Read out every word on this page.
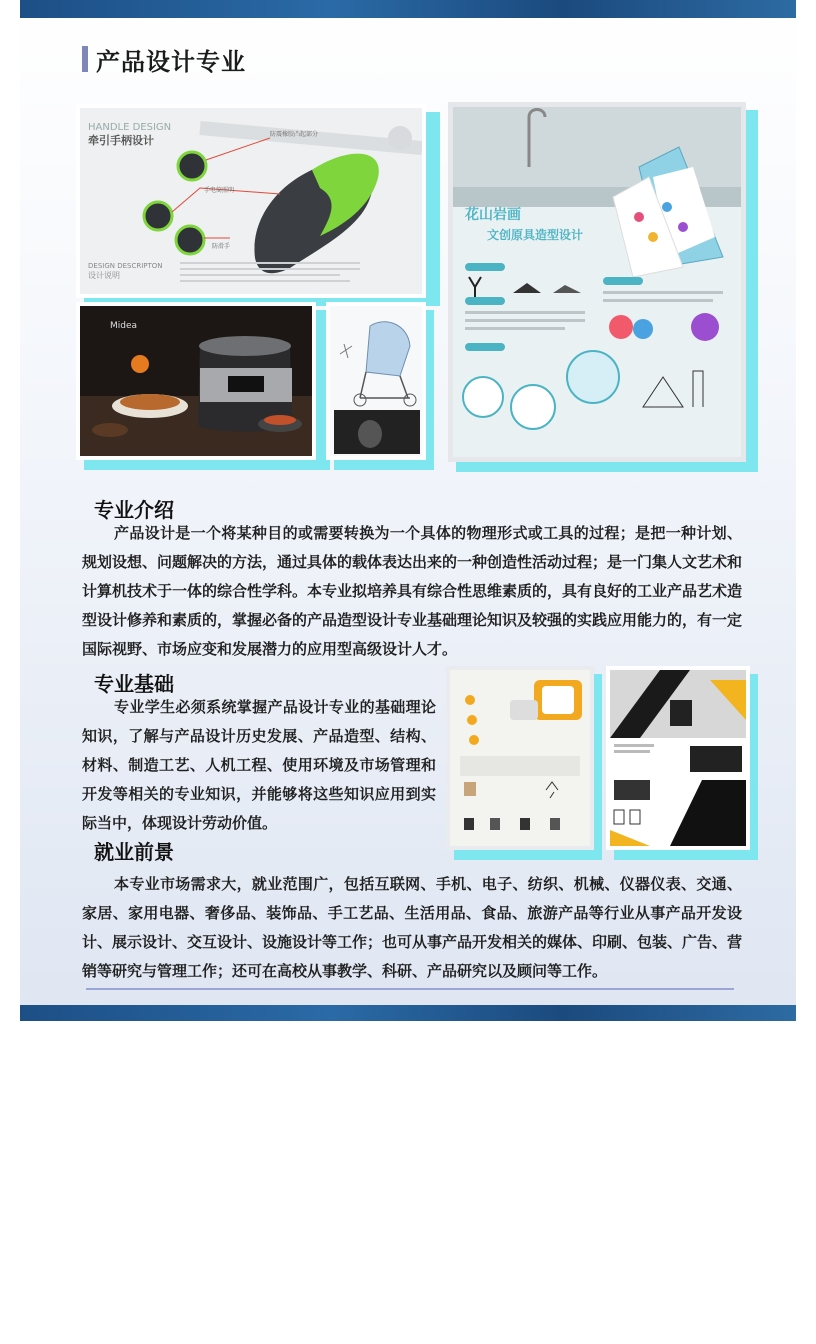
产品设计专业
HANDLE DESIGN
牵引手柄设计	防震橡胶凸起部分
手电筒照明
防滑手
DESIGN DESCRIPTON
设计说明
Midea
花山岩画
文创原具造型设计
专业介绍

产品设计是一个将某种目的或需要转换为一个具体的物理形式或工具的过程；是把一种计划、规划设想、问题解决的方法，通过具体的载体表达出来的一种创造性活动过程；是一门集人文艺术和计算机技术于一体的综合性学科。本专业拟培养具有综合性思维素质的，具有良好的工业产品艺术造型设计修养和素质的，掌握必备的产品造型设计专业基础理论知识及较强的实践应用能力的，有一定国际视野、市场应变和发展潜力的应用型高级设计人才。

专业基础

专业学生必须系统掌握产品设计专业的基础理论知识，了解与产品设计历史发展、产品造型、结构、材料、制造工艺、人机工程、使用环境及市场管理和开发等相关的专业知识，并能够将这些知识应用到实际当中，体现设计劳动价值。

就业前景

本专业市场需求大，就业范围广，包括互联网、手机、电子、纺织、机械、仪器仪表、交通、家居、家用电器、奢侈品、装饰品、手工艺品、生活用品、食品、旅游产品等行业从事产品开发设计、展示设计、交互设计、设施设计等工作；也可从事产品开发相关的媒体、印刷、包装、广告、营销等研究与管理工作；还可在高校从事教学、科研、产品研究以及顾问等工作。
